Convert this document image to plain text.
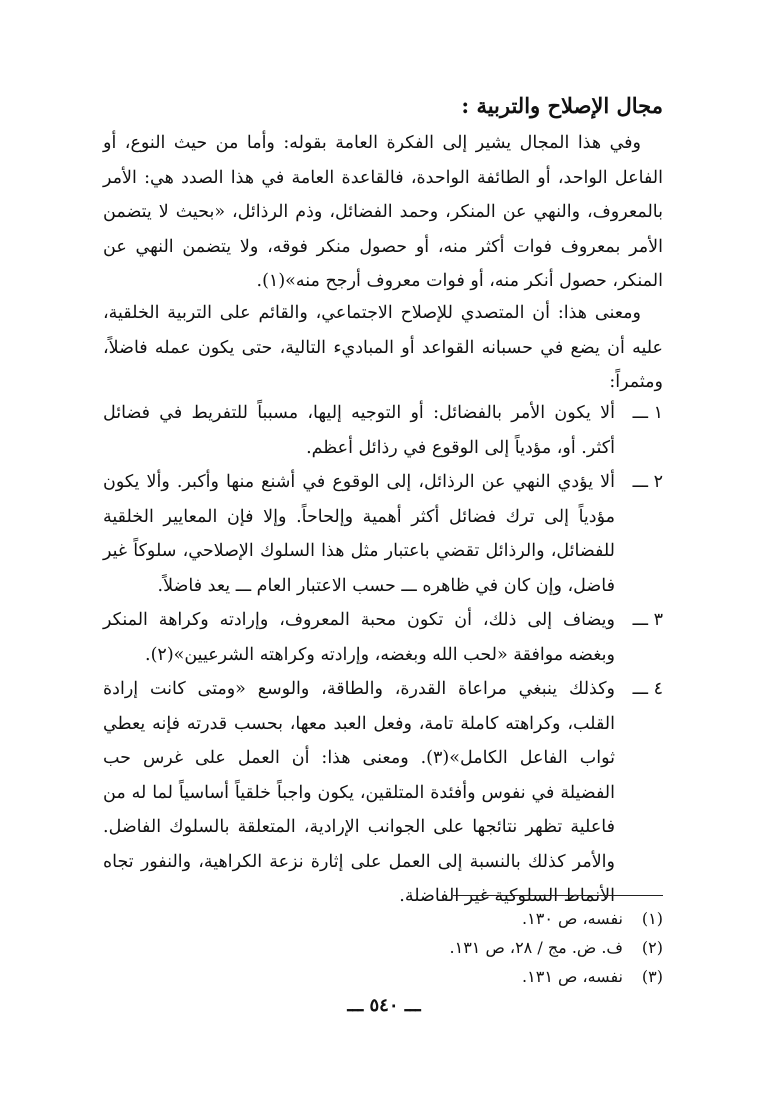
مجال الإصلاح والتربية :

وفي هذا المجال يشير إلى الفكرة العامة بقوله: وأما من حيث النوع، أو الفاعل الواحد، أو الطائفة الواحدة، فالقاعدة العامة في هذا الصدد هي: الأمر بالمعروف، والنهي عن المنكر، وحمد الفضائل، وذم الرذائل، «بحيث لا يتضمن الأمر بمعروف فوات أكثر منه، أو حصول منكر فوقه، ولا يتضمن النهي عن المنكر، حصول أنكر منه، أو فوات معروف أرجح منه»(١).

ومعنى هذا: أن المتصدي للإصلاح الاجتماعي، والقائم على التربية الخلقية، عليه أن يضع في حسبانه القواعد أو المباديء التالية، حتى يكون عمله فاضلاً، ومثمراً:

١ ـــ
ألا يكون الأمر بالفضائل: أو التوجيه إليها، مسبباً للتفريط في فضائل أكثر. أو، مؤدياً إلى الوقوع في رذائل أعظم.
٢ ـــ
ألا يؤدي النهي عن الرذائل، إلى الوقوع في أشنع منها وأكبر. وألا يكون مؤدياً إلى ترك فضائل أكثر أهمية وإلحاحاً. وإلا فإن المعايير الخلقية للفضائل، والرذائل تقضي باعتبار مثل هذا السلوك الإصلاحي، سلوكاً غير فاضل، وإن كان في ظاهره ـــ حسب الاعتبار العام ـــ يعد فاضلاً.
٣ ـــ
ويضاف إلى ذلك، أن تكون محبة المعروف، وإرادته وكراهة المنكر وبغضه موافقة «لحب الله وبغضه، وإرادته وكراهته الشرعيين»(٢).
٤ ـــ
وكذلك ينبغي مراعاة القدرة، والطاقة، والوسع «ومتى كانت إرادة القلب، وكراهته كاملة تامة، وفعل العبد معها، بحسب قدرته فإنه يعطي ثواب الفاعل الكامل»(٣). ومعنى هذا: أن العمل على غرس حب الفضيلة في نفوس وأفئدة المتلقين، يكون واجباً خلقياً أساسياً لما له من فاعلية تظهر نتائجها على الجوانب الإرادية، المتعلقة بالسلوك الفاضل. والأمر كذلك بالنسبة إلى العمل على إثارة نزعة الكراهية، والنفور تجاه الأنماط السلوكية غير الفاضلة.
(١)
نفسه، ص ١٣٠.
(٢)
ف. ض. مج / ٢٨، ص ١٣١.
(٣)
نفسه، ص ١٣١.
ـــ ٥٤٠ ـــ
